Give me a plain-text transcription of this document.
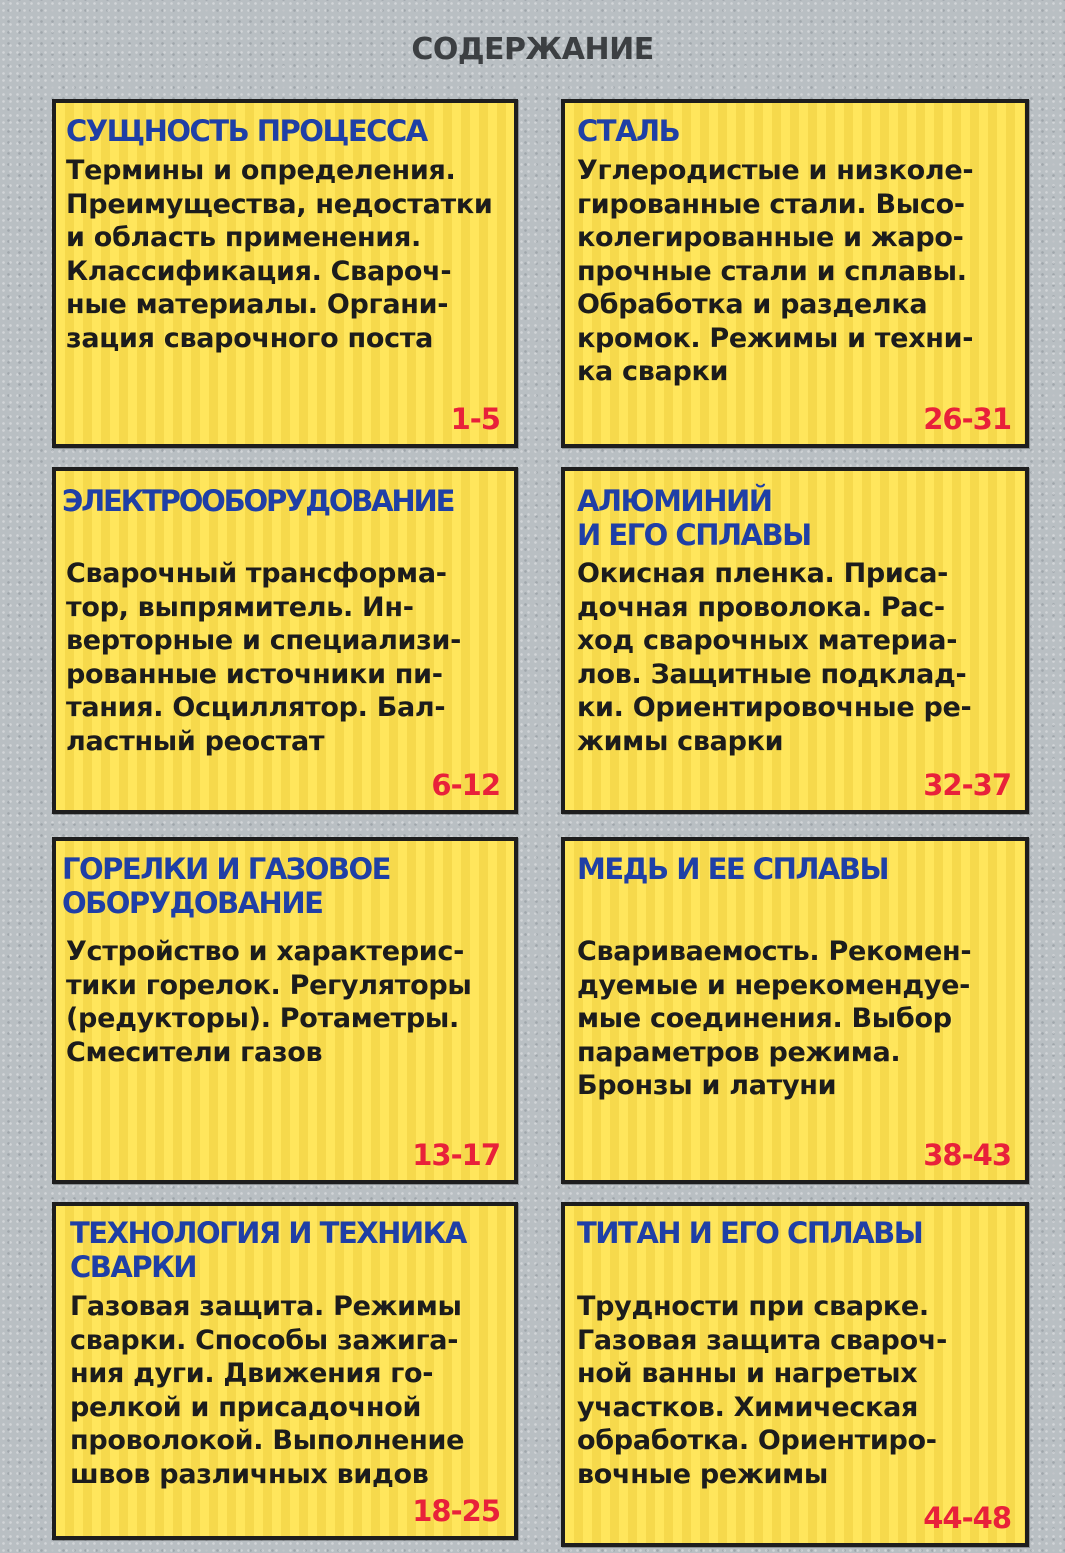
СОДЕРЖАНИЕ
СУЩНОСТЬ ПРОЦЕССА
Термины и определения.
Преимущества, недостатки
и область применения.
Классификация. Свароч-
ные материалы. Органи-
зация сварочного поста
1-5
ЭЛЕКТРООБОРУДОВАНИЕ
Сварочный трансформа-
тор, выпрямитель. Ин-
верторные и специализи-
рованные источники пи-
тания. Осциллятор. Бал-
ластный реостат
6-12
ГОРЕЛКИ И ГАЗОВОЕ
ОБОРУДОВАНИЕ
Устройство и характерис-
тики горелок. Регуляторы
(редукторы). Ротаметры.
Смесители газов
13-17
ТЕХНОЛОГИЯ И ТЕХНИКА
СВАРКИ
Газовая защита. Режимы
сварки. Способы зажига-
ния дуги. Движения го-
релкой и присадочной
проволокой. Выполнение
швов различных видов
18-25
СТАЛЬ
Углеродистые и низколе-
гированные стали. Высо-
колегированные и жаро-
прочные стали и сплавы.
Обработка и разделка
кромок. Режимы и техни-
ка сварки
26-31
АЛЮМИНИЙ
И ЕГО СПЛАВЫ
Окисная пленка. Приса-
дочная проволока. Рас-
ход сварочных материа-
лов. Защитные подклад-
ки. Ориентировочные ре-
жимы сварки
32-37
МЕДЬ И ЕЕ СПЛАВЫ
Свариваемость. Рекомен-
дуемые и нерекомендуе-
мые соединения. Выбор
параметров режима.
Бронзы и латуни
38-43
ТИТАН И ЕГО СПЛАВЫ
Трудности при сварке.
Газовая защита свароч-
ной ванны и нагретых
участков. Химическая
обработка. Ориентиро-
вочные режимы
44-48
